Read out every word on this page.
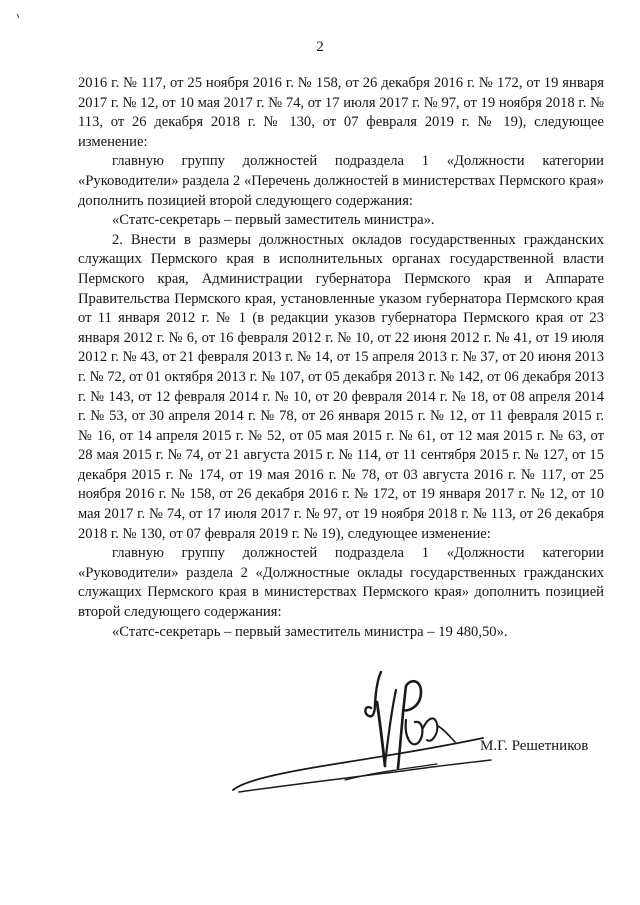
2

2016 г. № 117, от 25 ноября 2016 г. № 158, от 26 декабря 2016 г. № 172, от 19 января 2017 г. № 12, от 10 мая 2017 г. № 74, от 17 июля 2017 г. № 97, от 19 ноября 2018 г. № 113, от 26 декабря 2018 г. № 130, от 07 февраля 2019 г. № 19), следующее изменение:

главную группу должностей подраздела 1 «Должности категории «Руководители» раздела 2 «Перечень должностей в министерствах Пермского края» дополнить позицией второй следующего содержания:

«Статс-секретарь – первый заместитель министра».

2. Внести в размеры должностных окладов государственных гражданских служащих Пермского края в исполнительных органах государственной власти Пермского края, Администрации губернатора Пермского края и Аппарате Правительства Пермского края, установленные указом губернатора Пермского края от 11 января 2012 г. № 1 (в редакции указов губернатора Пермского края от 23 января 2012 г. № 6, от 16 февраля 2012 г. № 10, от 22 июня 2012 г. № 41, от 19 июля 2012 г. № 43, от 21 февраля 2013 г. № 14, от 15 апреля 2013 г. № 37, от 20 июня 2013 г. № 72, от 01 октября 2013 г. № 107, от 05 декабря 2013 г. № 142, от 06 декабря 2013 г. № 143, от 12 февраля 2014 г. № 10, от 20 февраля 2014 г. № 18, от 08 апреля 2014 г. № 53, от 30 апреля 2014 г. № 78, от 26 января 2015 г. № 12, от 11 февраля 2015 г. № 16, от 14 апреля 2015 г. № 52, от 05 мая 2015 г. № 61, от 12 мая 2015 г. № 63, от 28 мая 2015 г. № 74, от 21 августа 2015 г. № 114, от 11 сентября 2015 г. № 127, от 15 декабря 2015 г. № 174, от 19 мая 2016 г. № 78, от 03 августа 2016 г. № 117, от 25 ноября 2016 г. № 158, от 26 декабря 2016 г. № 172, от 19 января 2017 г. № 12, от 10 мая 2017 г. № 74, от 17 июля 2017 г. № 97, от 19 ноября 2018 г. № 113, от 26 декабря 2018 г. № 130, от 07 февраля 2019 г. № 19), следующее изменение:

главную группу должностей подраздела 1 «Должности категории «Руководители» раздела 2 «Должностные оклады государственных гражданских служащих Пермского края в министерствах Пермского края» дополнить позицией второй следующего содержания:

«Статс-секретарь – первый заместитель министра – 19 480,50».

М.Г. Решетников
